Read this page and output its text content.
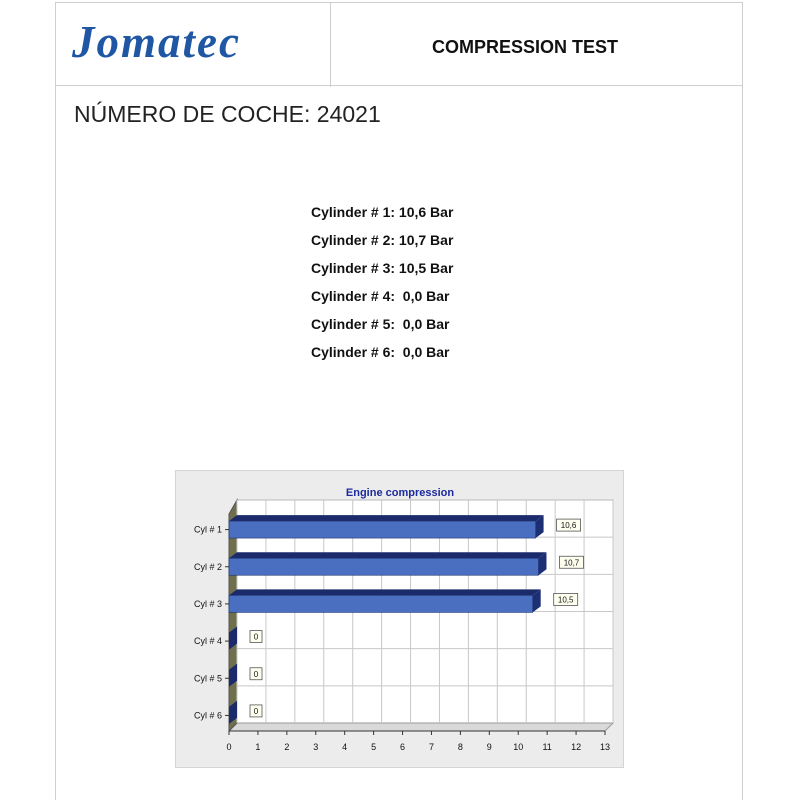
Jomatec	COMPRESSION TEST
NÚMERO DE COCHE: 24021
Cylinder # 1: 10,6 Bar
Cylinder # 2: 10,7 Bar
Cylinder # 3: 10,5 Bar
Cylinder # 4:  0,0 Bar
Cylinder # 5:  0,0 Bar
Cylinder # 6:  0,0 Bar
Engine compression
0	1	2	3	4	5	6	7	8	9 10 11 12 13
Cyl # 1	10,6
Cyl # 2	10,7
Cyl # 3	10,5
Cyl # 4	0
Cyl # 5	0
Cyl # 6	0
